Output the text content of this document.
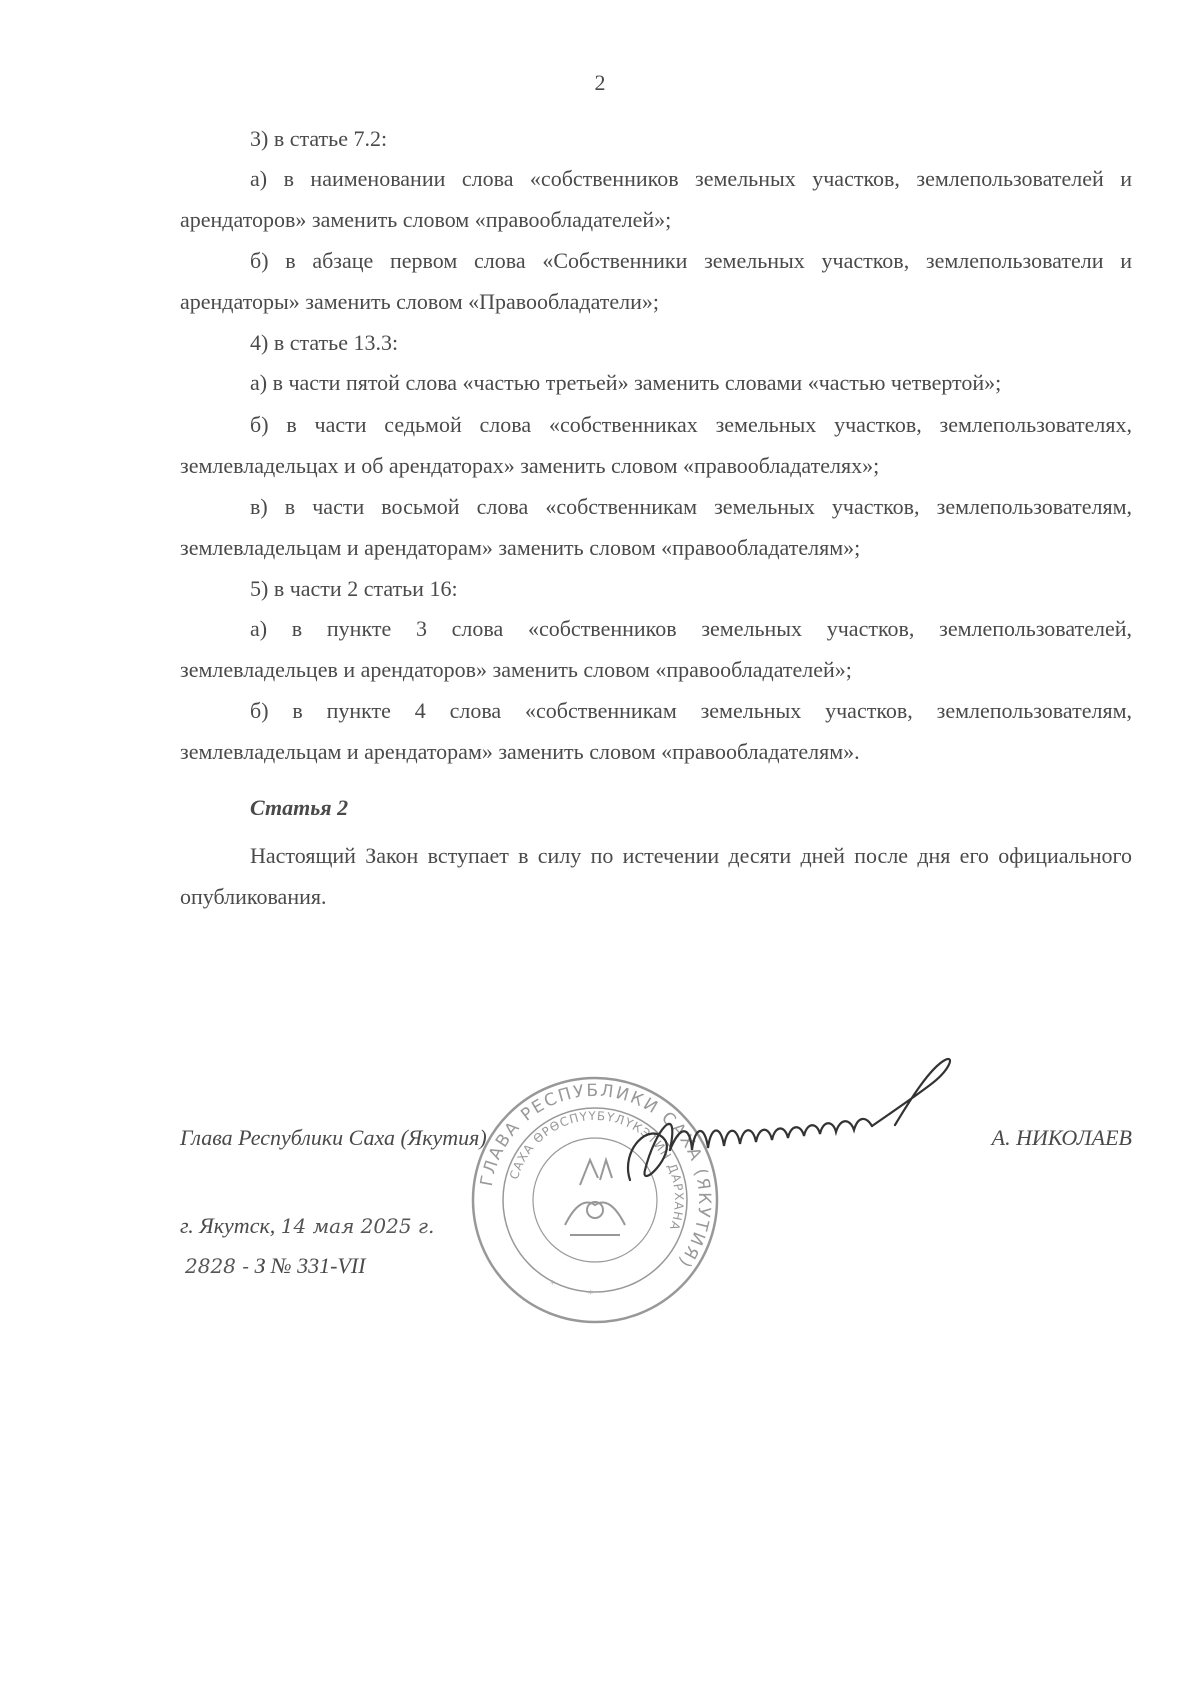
2

3) в статье 7.2:

а) в наименовании слова «собственников земельных участков, землепользователей и арендаторов» заменить словом «правообладателей»;

б) в абзаце первом слова «Собственники земельных участков, землепользователи и арендаторы» заменить словом «Правообладатели»;

4) в статье 13.3:

а) в части пятой слова «частью третьей» заменить словами «частью четвертой»;

б) в части седьмой слова «собственниках земельных участков, землепользователях, землевладельцах и об арендаторах» заменить словом «правообладателях»;

в) в части восьмой слова «собственникам земельных участков, землепользователям, землевладельцам и арендаторам» заменить словом «правообладателям»;

5) в части 2 статьи 16:

а) в пункте 3 слова «собственников земельных участков, землепользователей, землевладельцев и арендаторов» заменить словом «правообладателей»;

б) в пункте 4 слова «собственникам земельных участков, землепользователям, землевладельцам и арендаторам» заменить словом «правообладателям».

Статья 2

Настоящий Закон вступает в силу по истечении десяти дней после дня его официального опубликования.

ГЛАВА РЕСПУБЛИКИ САХА (ЯКУТИЯ)
САХА ӨРӨСПҮҮБҮЛҮКЭТИН ДАРХАНА
*
*

Глава Республики Саха (Якутия)	А. НИКОЛАЕВ

г. Якутск, 14 мая 2025 г.

2828 - З № 331-VII
